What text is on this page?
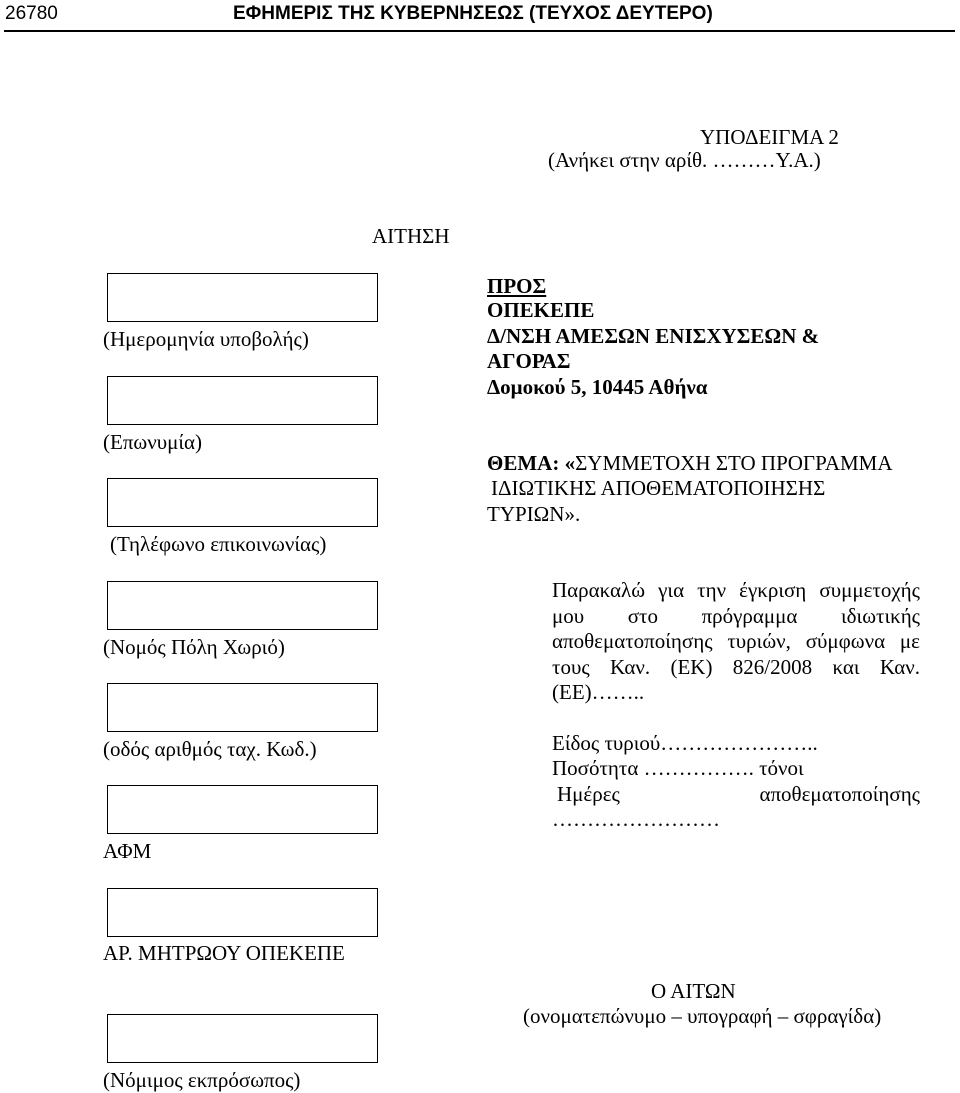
26780	ΕΦΗΜΕΡΙΣ ΤΗΣ ΚΥΒΕΡΝΗΣΕΩΣ (ΤΕΥΧΟΣ ΔΕΥΤΕΡΟ)
ΥΠΟΔΕΙΓΜΑ 2
(Ανήκει στην αρίθ. ………Υ.Α.)
ΑΙΤΗΣΗ
(Ημερομηνία υποβολής)
(Επωνυμία)
(Τηλέφωνο επικοινωνίας)
(Νομός Πόλη Χωριό)
(οδός αριθμός ταχ. Κωδ.)
ΑΦΜ
ΑΡ. ΜΗΤΡΩΟΥ ΟΠΕΚΕΠΕ
(Νόμιμος εκπρόσωπος)
ΠΡΟΣ
ΟΠΕΚΕΠΕ
Δ/ΝΣΗ ΑΜΕΣΩΝ ΕΝΙΣΧΥΣΕΩΝ &
ΑΓΟΡΑΣ
Δομοκού 5, 10445 Αθήνα
ΘΕΜΑ: «ΣΥΜΜΕΤΟΧΗ ΣΤΟ ΠΡΟΓΡΑΜΜΑ
ΙΔΙΩΤΙΚΗΣ ΑΠΟΘΕΜΑΤΟΠΟΙΗΣΗΣ
ΤΥΡΙΩΝ».
Παρακαλώ για την έγκριση συμμετοχής
μου στο πρόγραμμα ιδιωτικής
αποθεματοποίησης τυριών, σύμφωνα με
τους Καν. (ΕΚ) 826/2008 και Καν.
(ΕΕ)……..
Είδος τυριού…………………..
Ποσότητα ……………. τόνοι
Ημέρες αποθεματοποίησης
……………………
Ο ΑΙΤΩΝ
(ονοματεπώνυμο – υπογραφή – σφραγίδα)
